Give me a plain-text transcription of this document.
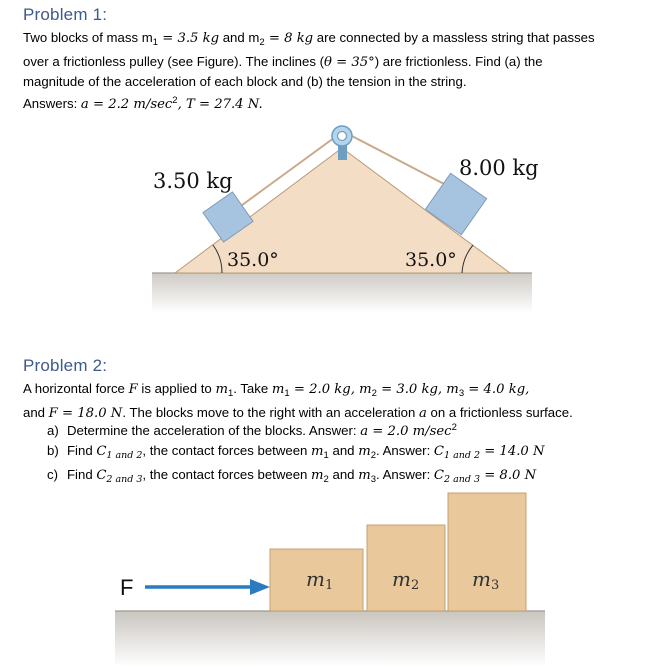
Problem 1:
Two blocks of mass $m_1 = 3.5$ kg and $m_2 = 8$ kg are connected by a massless string that passes
over a frictionless pulley (see Figure). The inclines (θ = 35°) are frictionless. Find (a) the
magnitude of the acceleration of each block and (b) the tension in the string.
Answers: a = 2.2 $m/\sec^2$, T = 27.4 N.
3.50 kg
8.00 kg
35.0°	35.0°
Problem 2:
A horizontal force F is applied to $m_1$. Take $m_1 = 2.0$ kg, $m_2 = 3.0$ kg, $m_3 = 4.0$ kg,
and F = 18.0 N. The blocks move to the right with an acceleration a on a frictionless surface.
a) Determine the acceleration of the blocks. Answer: a = 2.0 $m/\sec^2$
b) Find $C_{1 and 2}$, the contact forces between $m_1$ and $m_2$. Answer: $C_{1 and 2} = 14.0$ N
c) Find $C_{2 and 3}$, the contact forces between $m_2$ and $m_3$. Answer: $C_{2 and 3} = 8.0$ N
F	m1	m2	m3
